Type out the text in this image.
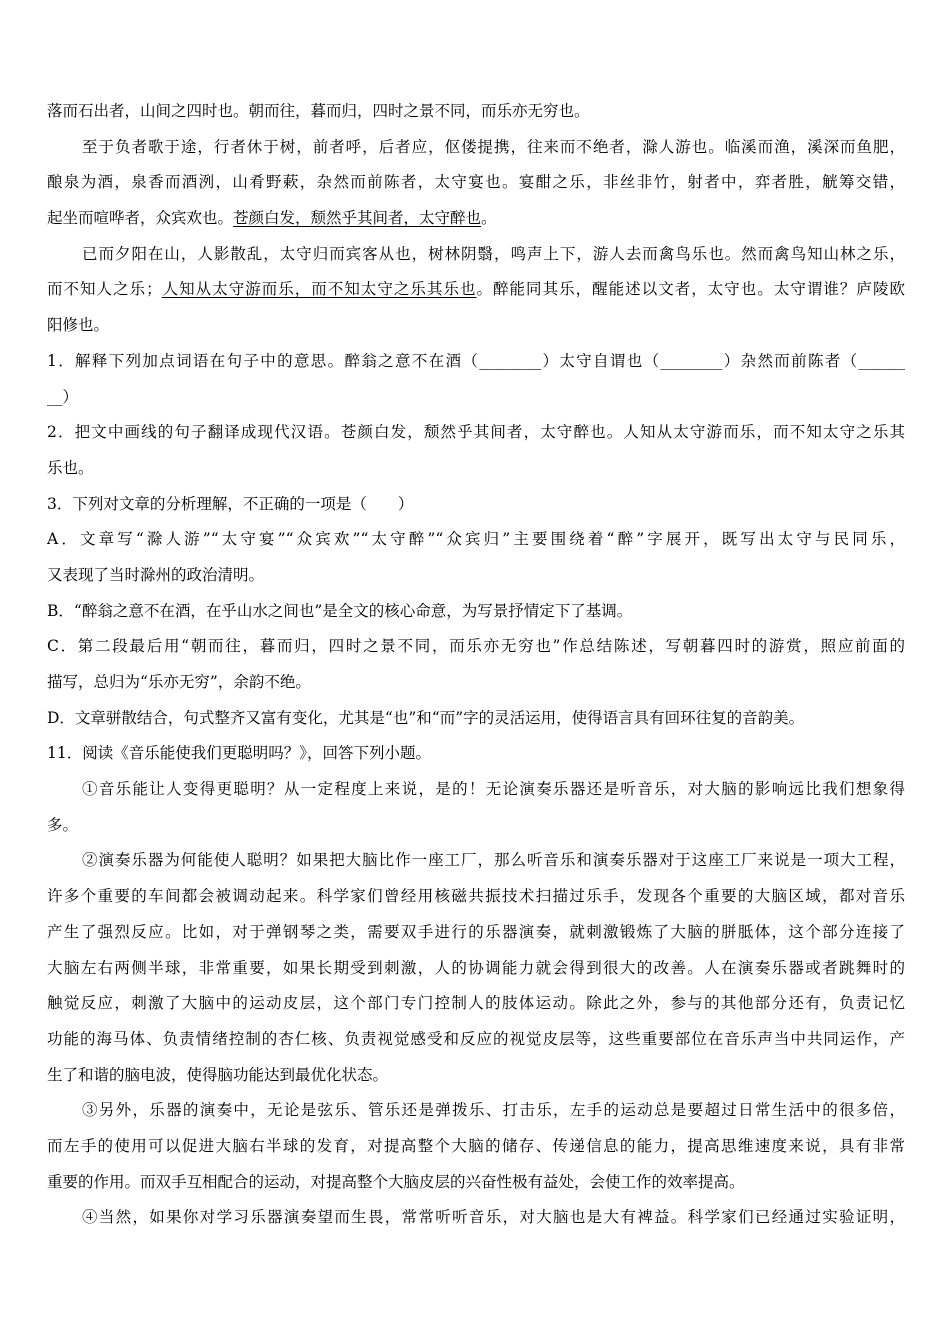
落而石出者，山间之四时也。朝而往，暮而归，四时之景不同，而乐亦无穷也。
至于负者歌于途，行者休于树，前者呼，后者应，伛偻提携，往来而不绝者，滁人游也。临溪而渔，溪深而鱼肥，
酿泉为酒，泉香而酒洌，山肴野蔌，杂然而前陈者，太守宴也。宴酣之乐，非丝非竹，射者中，弈者胜，觥筹交错，
起坐而喧哗者，众宾欢也。苍颜白发，颓然乎其间者，太守醉也。
已而夕阳在山，人影散乱，太守归而宾客从也，树林阴翳，鸣声上下，游人去而禽鸟乐也。然而禽鸟知山林之乐，
而不知人之乐；人知从太守游而乐，而不知太守之乐其乐也。醉能同其乐，醒能述以文者，太守也。太守谓谁？庐陵欧
阳修也。
1．解释下列加点词语在句子中的意思。醉翁之意不在酒（________）太守自谓也（________）杂然而前陈者（______
__）
2．把文中画线的句子翻译成现代汉语。苍颜白发，颓然乎其间者，太守醉也。人知从太守游而乐，而不知太守之乐其
乐也。
3．下列对文章的分析理解，不正确的一项是（　　）
A．文章写“滁人游”“太守宴”“众宾欢”“太守醉”“众宾归”主要围绕着“醉”字展开，既写出太守与民同乐，
又表现了当时滁州的政治清明。
B．“醉翁之意不在酒，在乎山水之间也”是全文的核心命意，为写景抒情定下了基调。
C．第二段最后用“朝而往，暮而归，四时之景不同，而乐亦无穷也”作总结陈述，写朝暮四时的游赏，照应前面的
描写，总归为“乐亦无穷”，余韵不绝。
D．文章骈散结合，句式整齐又富有变化，尤其是“也”和“而”字的灵活运用，使得语言具有回环往复的音韵美。
11．阅读《音乐能使我们更聪明吗？》，回答下列小题。
①音乐能让人变得更聪明？从一定程度上来说，是的！无论演奏乐器还是听音乐，对大脑的影响远比我们想象得
多。
②演奏乐器为何能使人聪明？如果把大脑比作一座工厂，那么听音乐和演奏乐器对于这座工厂来说是一项大工程，
许多个重要的车间都会被调动起来。科学家们曾经用核磁共振技术扫描过乐手，发现各个重要的大脑区域，都对音乐
产生了强烈反应。比如，对于弹钢琴之类，需要双手进行的乐器演奏，就刺激锻炼了大脑的胼胝体，这个部分连接了
大脑左右两侧半球，非常重要，如果长期受到刺激，人的协调能力就会得到很大的改善。人在演奏乐器或者跳舞时的
触觉反应，刺激了大脑中的运动皮层，这个部门专门控制人的肢体运动。除此之外，参与的其他部分还有，负责记忆
功能的海马体、负责情绪控制的杏仁核、负责视觉感受和反应的视觉皮层等，这些重要部位在音乐声当中共同运作，产
生了和谐的脑电波，使得脑功能达到最优化状态。
③另外，乐器的演奏中，无论是弦乐、管乐还是弹拨乐、打击乐，左手的运动总是要超过日常生活中的很多倍，
而左手的使用可以促进大脑右半球的发育，对提高整个大脑的储存、传递信息的能力，提高思维速度来说，具有非常
重要的作用。而双手互相配合的运动，对提高整个大脑皮层的兴奋性极有益处，会使工作的效率提高。
④当然，如果你对学习乐器演奏望而生畏，常常听听音乐，对大脑也是大有裨益。科学家们已经通过实验证明，
